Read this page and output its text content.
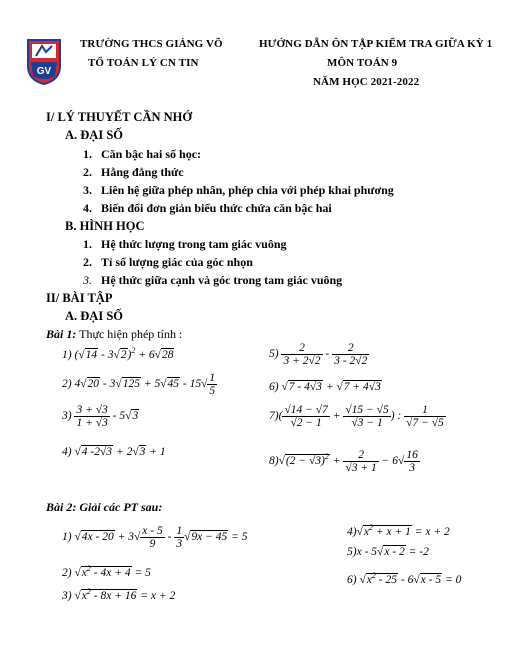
GV
TRƯỜNG THCS GIẢNG VÕ
TỔ TOÁN LÝ CN TIN
HƯỚNG DẪN ÔN TẬP KIỂM TRA GIỮA KỲ 1
MÔN TOÁN 9
NĂM HỌC 2021-2022
I/ LÝ THUYẾT CẦN NHỚ
A. ĐẠI SỐ
1. Căn bậc hai số học:
2. Hằng đẳng thức
3. Liên hệ giữa phép nhân, phép chia với phép khai phương
4. Biến đổi đơn giản biểu thức chứa căn bậc hai
B. HÌNH HỌC
1. Hệ thức lượng trong tam giác vuông
2. Tỉ số lượng giác của góc nhọn
3. Hệ thức giữa cạnh và góc trong tam giác vuông
II/ BÀI TẬP
A. ĐẠI SỐ
Bài 1: Thực hiện phép tính :
1) (√14 - 3√2)$^2$ + 6√28
2) $4√20 - 3√125 + 5√45 - 15√ \frac{1}{5}$
$3) \frac{3 + √3}{1 + √3} - 5√3$
4) √4 -2√3 + 2√3 + 1
$5) \frac{2}{3 + 2√2} - \frac{2}{3 - 2√2}$
6) √7 - 4√3 + √7 + 4√3
$7)( \frac{√14 - √7}{√2 - 1} + \frac{√15 - √5}{√3 - 1}$ ) : $\frac{1}{√7 - √5}$
$8)√(2 - √3)^2 + \frac{2}{√3 + 1} - 6√ \frac{16}{3}$
Bài 2: Giải các PT sau:
1) $√4x - 20 + 3√ \frac{x - 5}{9} - \frac{1}{3} √9x - 45 = 5$
2) $√x^2 - 4x + 4 = 5$
3) $√x^2 - 8x + 16 = x + 2$
$4)√x^2 + x + 1 = x + 2$
5)x - 5√x - 2 = -2
6) $√x^2 - 25 - 6√x - 5 = 0$
